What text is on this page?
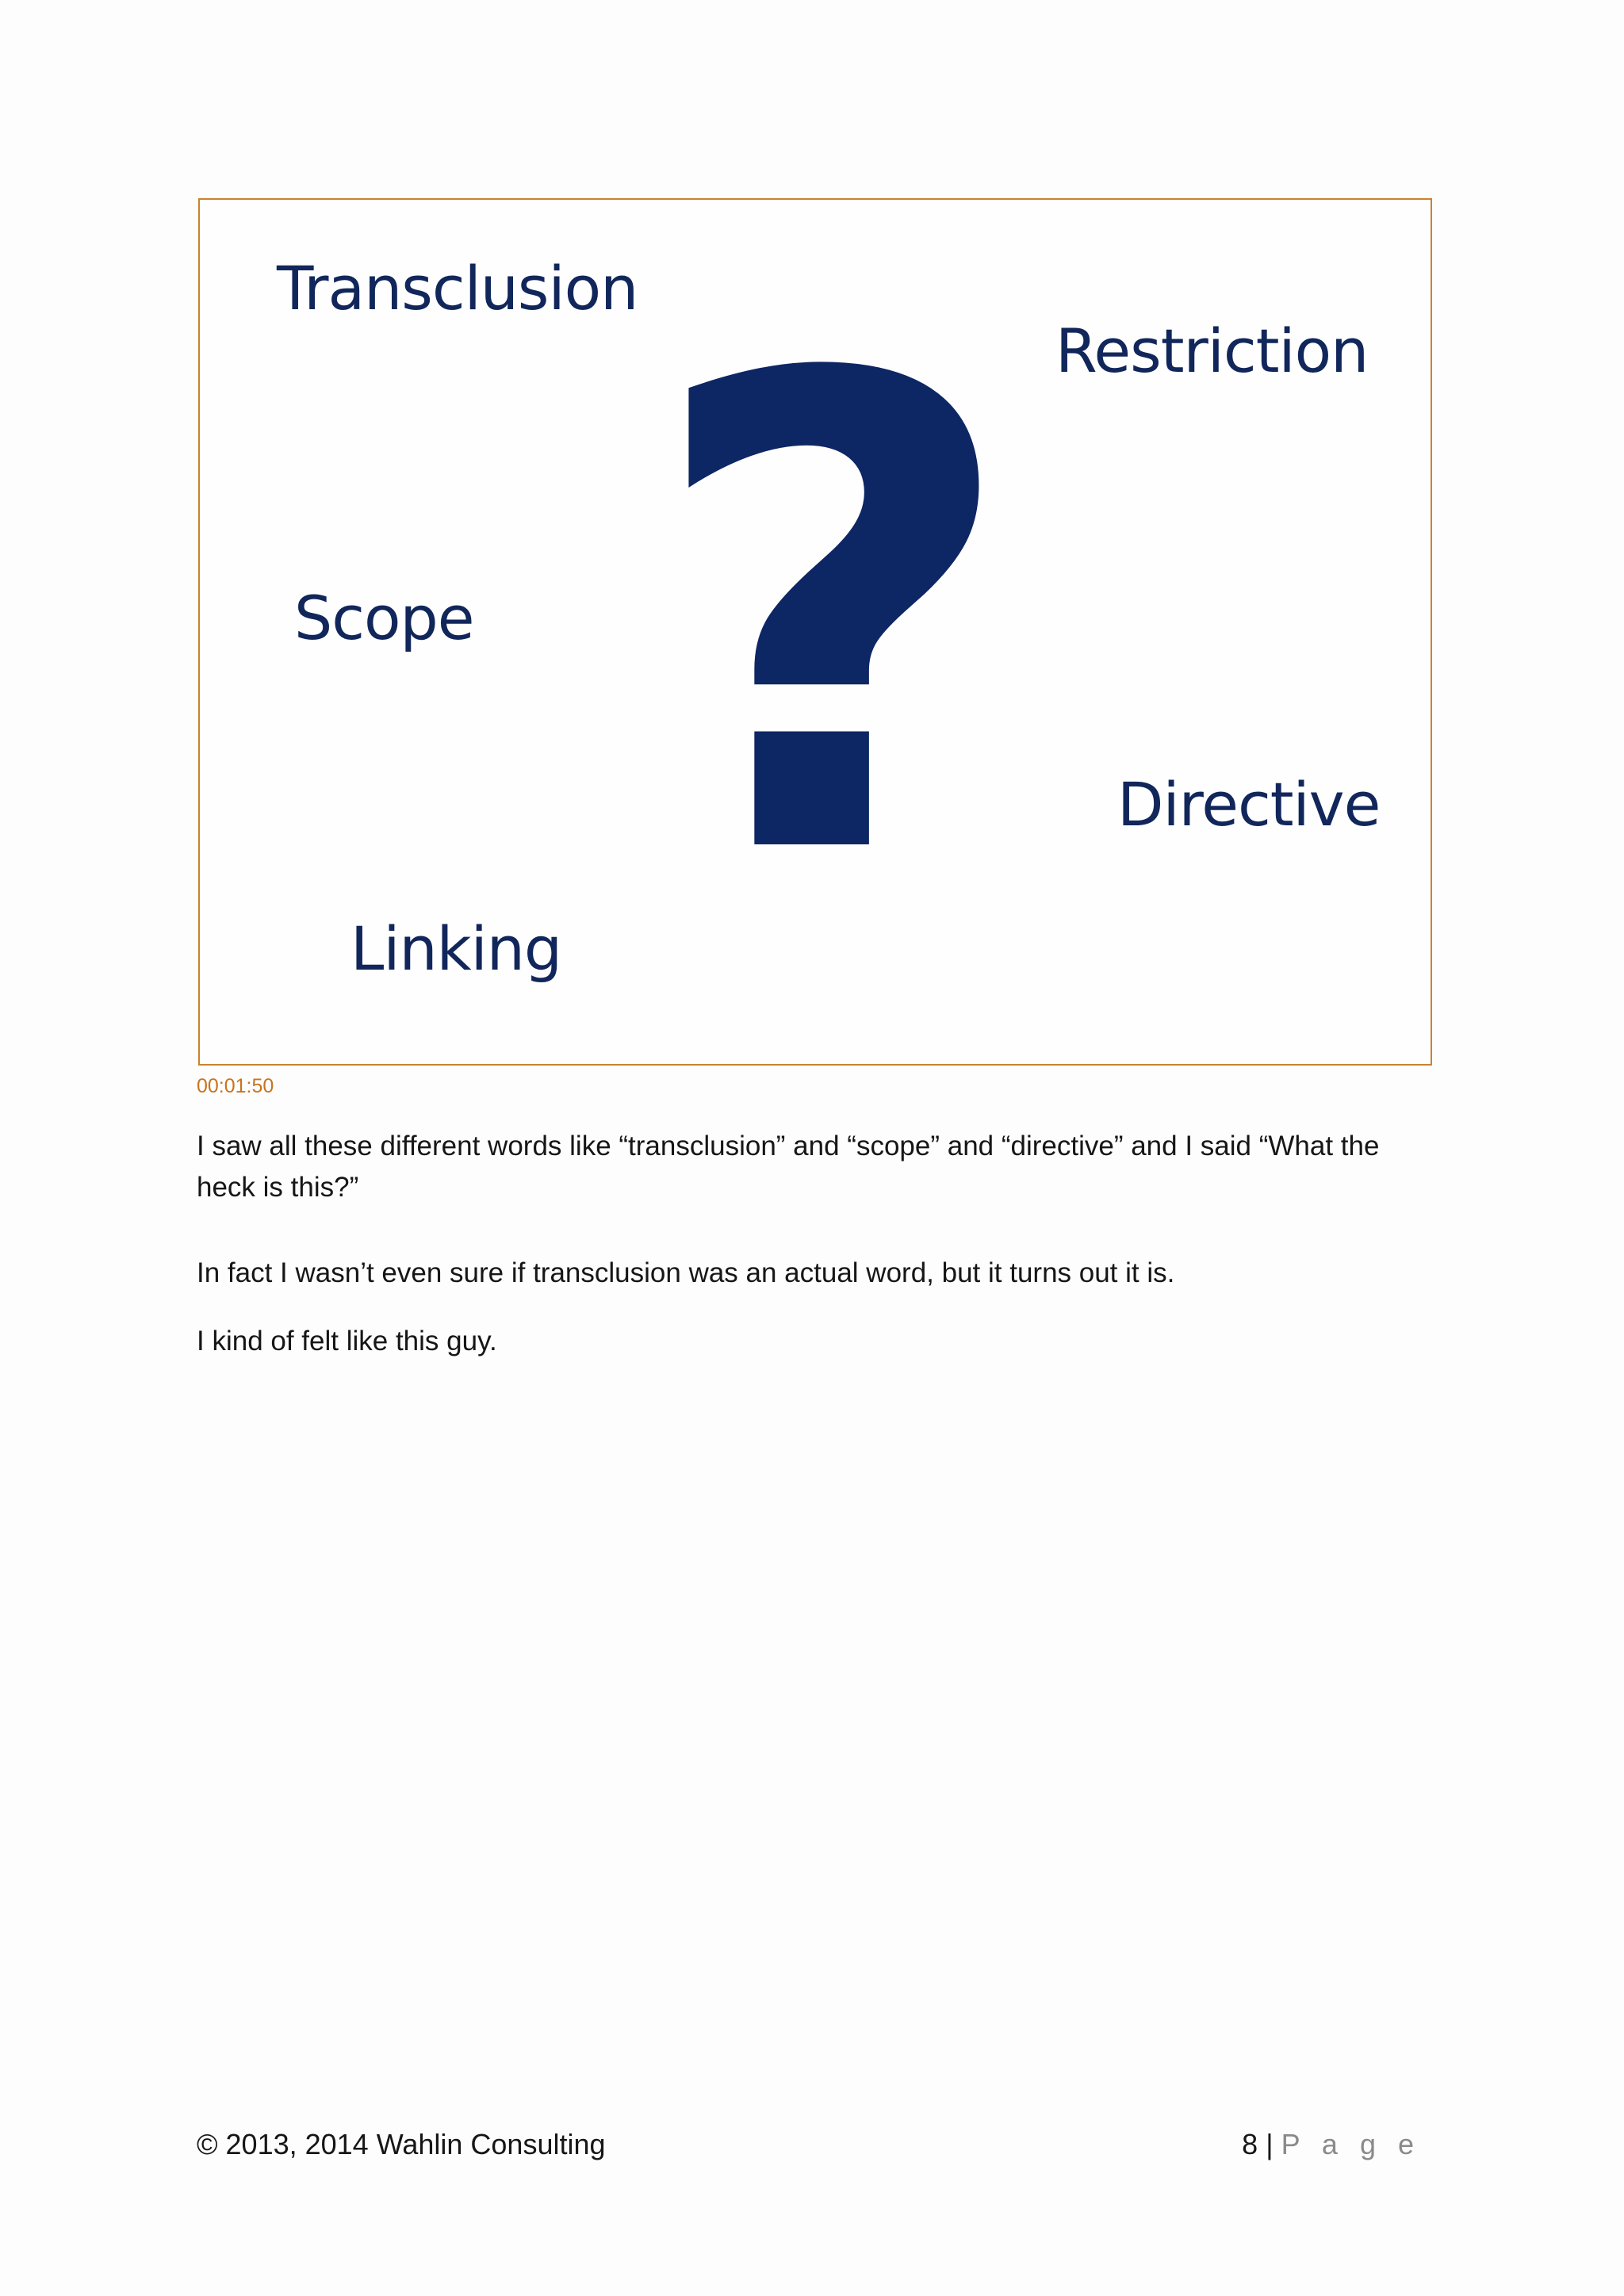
Transclusion
Restriction
Scope
Directive
Linking ?
00:01:50

I saw all these different words like “transclusion” and “scope” and “directive” and I said “What the heck is this?”

In fact I wasn’t even sure if transclusion was an actual word, but it turns out it is.

I kind of felt like this guy.

© 2013, 2014 Wahlin Consulting	8 | P a g e
